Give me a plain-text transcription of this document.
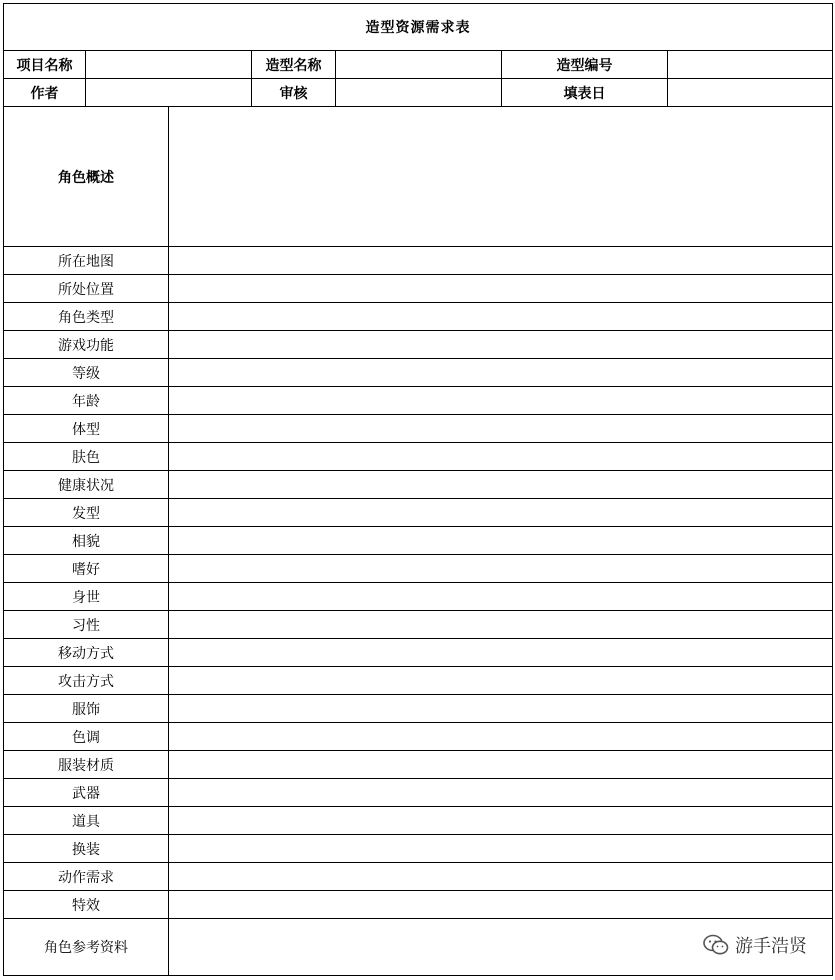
造型资源需求表						
项目名称			造型名称		造型编号	
作者			审核		填表日	
角色概述						
所在地图						
所处位置						
角色类型						
游戏功能						
等级						
年龄						
体型						
肤色						
健康状况						
发型						
相貌						
嗜好						
身世						
习性						
移动方式						
攻击方式						
服饰						
色调						
服装材质						
武器						
道具						
换装						
动作需求						
特效						
角色参考资料							游手浩贤
